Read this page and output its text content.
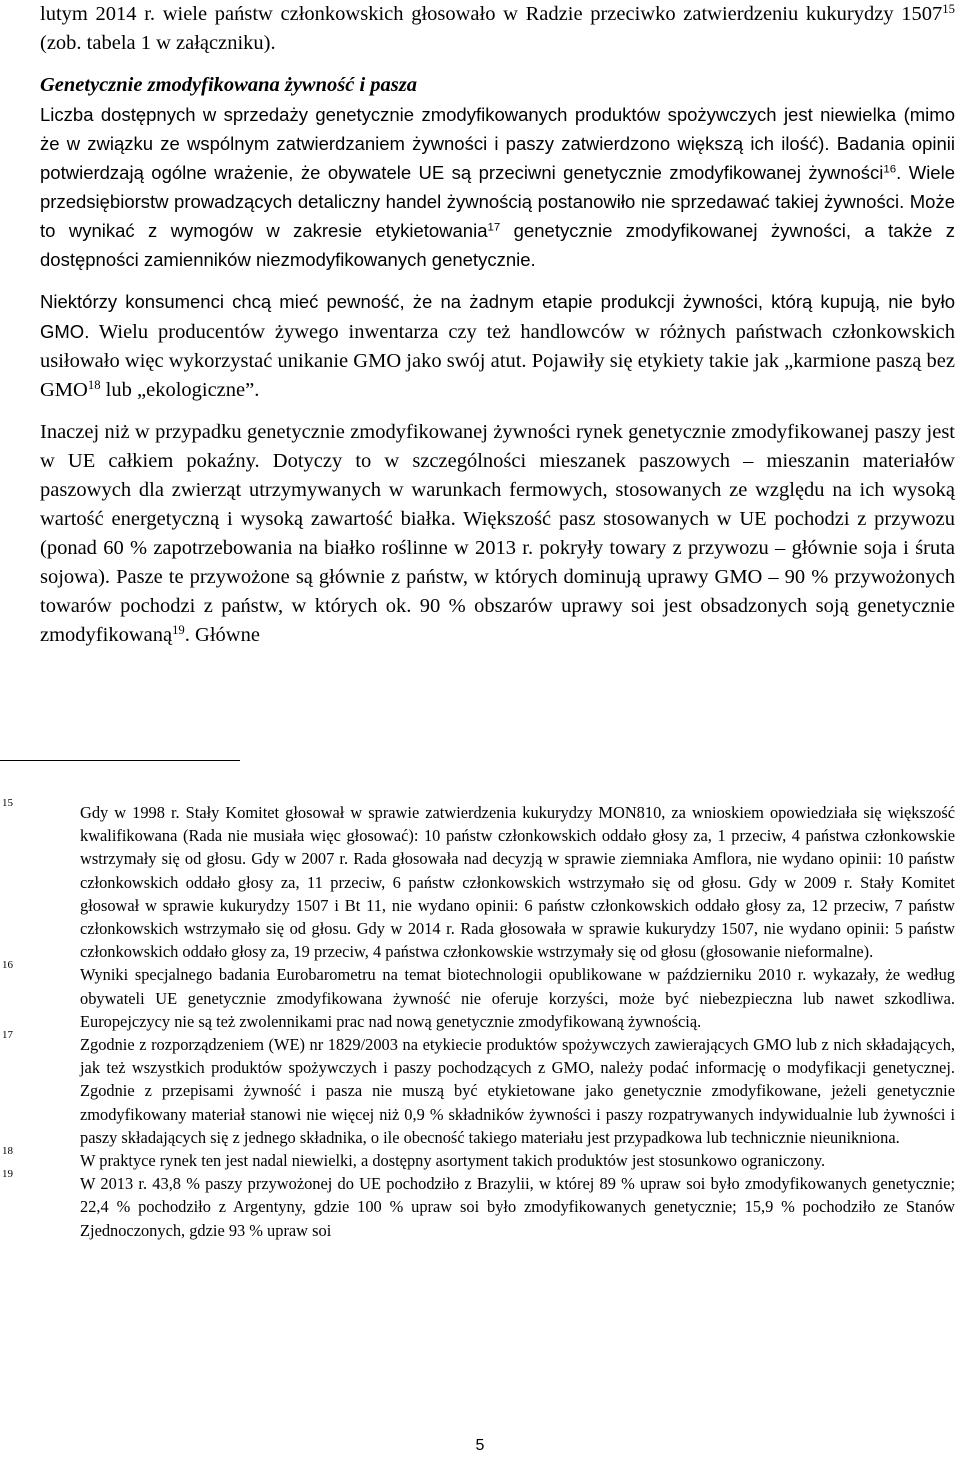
lutym 2014 r. wiele państw członkowskich głosowało w Radzie przeciwko zatwierdzeniu kukurydzy 1507$^{15}$ (zob. tabela 1 w załączniku).

Genetycznie zmodyfikowana żywność i pasza

Liczba dostępnych w sprzedaży genetycznie zmodyfikowanych produktów spożywczych jest niewielka (mimo że w związku ze wspólnym zatwierdzaniem żywności i paszy zatwierdzono większą ich ilość). Badania opinii potwierdzają ogólne wrażenie, że obywatele UE są przeciwni genetycznie zmodyfikowanej żywności$^{16}$. Wiele przedsiębiorstw prowadzących detaliczny handel żywnością postanowiło nie sprzedawać takiej żywności. Może to wynikać z wymogów w zakresie etykietowania$^{17}$ genetycznie zmodyfikowanej żywności, a także z dostępności zamienników niezmodyfikowanych genetycznie.

Niektórzy konsumenci chcą mieć pewność, że na żadnym etapie produkcji żywności, którą kupują, nie było GMO. Wielu producentów żywego inwentarza czy też handlowców w różnych państwach członkowskich usiłowało więc wykorzystać unikanie GMO jako swój atut. Pojawiły się etykiety takie jak „karmione paszą bez GMO$^{18}$ lub „ekologiczne”.

Inaczej niż w przypadku genetycznie zmodyfikowanej żywności rynek genetycznie zmodyfikowanej paszy jest w UE całkiem pokaźny. Dotyczy to w szczególności mieszanek paszowych – mieszanin materiałów paszowych dla zwierząt utrzymywanych w warunkach fermowych, stosowanych ze względu na ich wysoką wartość energetyczną i wysoką zawartość białka. Większość pasz stosowanych w UE pochodzi z przywozu (ponad 60 % zapotrzebowania na białko roślinne w 2013 r. pokryły towary z przywozu – głównie soja i śruta sojowa). Pasze te przywożone są głównie z państw, w których dominują uprawy GMO – 90 % przywożonych towarów pochodzi z państw, w których ok. 90 % obszarów uprawy soi jest obsadzonych soją genetycznie zmodyfikowaną$^{19}$. Główne

15	Gdy w 1998 r. Stały Komitet głosował w sprawie zatwierdzenia kukurydzy MON810, za wnioskiem opowiedziała się większość kwalifikowana (Rada nie musiała więc głosować): 10 państw członkowskich oddało głosy za, 1 przeciw, 4 państwa członkowskie wstrzymały się od głosu. Gdy w 2007 r. Rada głosowała nad decyzją w sprawie ziemniaka Amflora, nie wydano opinii: 10 państw członkowskich oddało głosy za, 11 przeciw, 6 państw członkowskich wstrzymało się od głosu. Gdy w 2009 r. Stały Komitet głosował w sprawie kukurydzy 1507 i Bt 11, nie wydano opinii: 6 państw członkowskich oddało głosy za, 12 przeciw, 7 państw członkowskich wstrzymało się od głosu. Gdy w 2014 r. Rada głosowała w sprawie kukurydzy 1507, nie wydano opinii: 5 państw członkowskich oddało głosy za, 19 przeciw, 4 państwa członkowskie wstrzymały się od głosu (głosowanie nieformalne).
16	Wyniki specjalnego badania Eurobarometru na temat biotechnologii opublikowane w październiku 2010 r. wykazały, że według obywateli UE genetycznie zmodyfikowana żywność nie oferuje korzyści, może być niebezpieczna lub nawet szkodliwa. Europejczycy nie są też zwolennikami prac nad nową genetycznie zmodyfikowaną żywnością.
17	Zgodnie z rozporządzeniem (WE) nr 1829/2003 na etykiecie produktów spożywczych zawierających GMO lub z nich składających, jak też wszystkich produktów spożywczych i paszy pochodzących z GMO, należy podać informację o modyfikacji genetycznej. Zgodnie z przepisami żywność i pasza nie muszą być etykietowane jako genetycznie zmodyfikowane, jeżeli genetycznie zmodyfikowany materiał stanowi nie więcej niż 0,9 % składników żywności i paszy rozpatrywanych indywidualnie lub żywności i paszy składających się z jednego składnika, o ile obecność takiego materiału jest przypadkowa lub technicznie nieunikniona.
18	W praktyce rynek ten jest nadal niewielki, a dostępny asortyment takich produktów jest stosunkowo ograniczony.
19	W 2013 r. 43,8 % paszy przywożonej do UE pochodziło z Brazylii, w której 89 % upraw soi było zmodyfikowanych genetycznie; 22,4 % pochodziło z Argentyny, gdzie 100 % upraw soi było zmodyfikowanych genetycznie; 15,9 % pochodziło ze Stanów Zjednoczonych, gdzie 93 % upraw soi
5
